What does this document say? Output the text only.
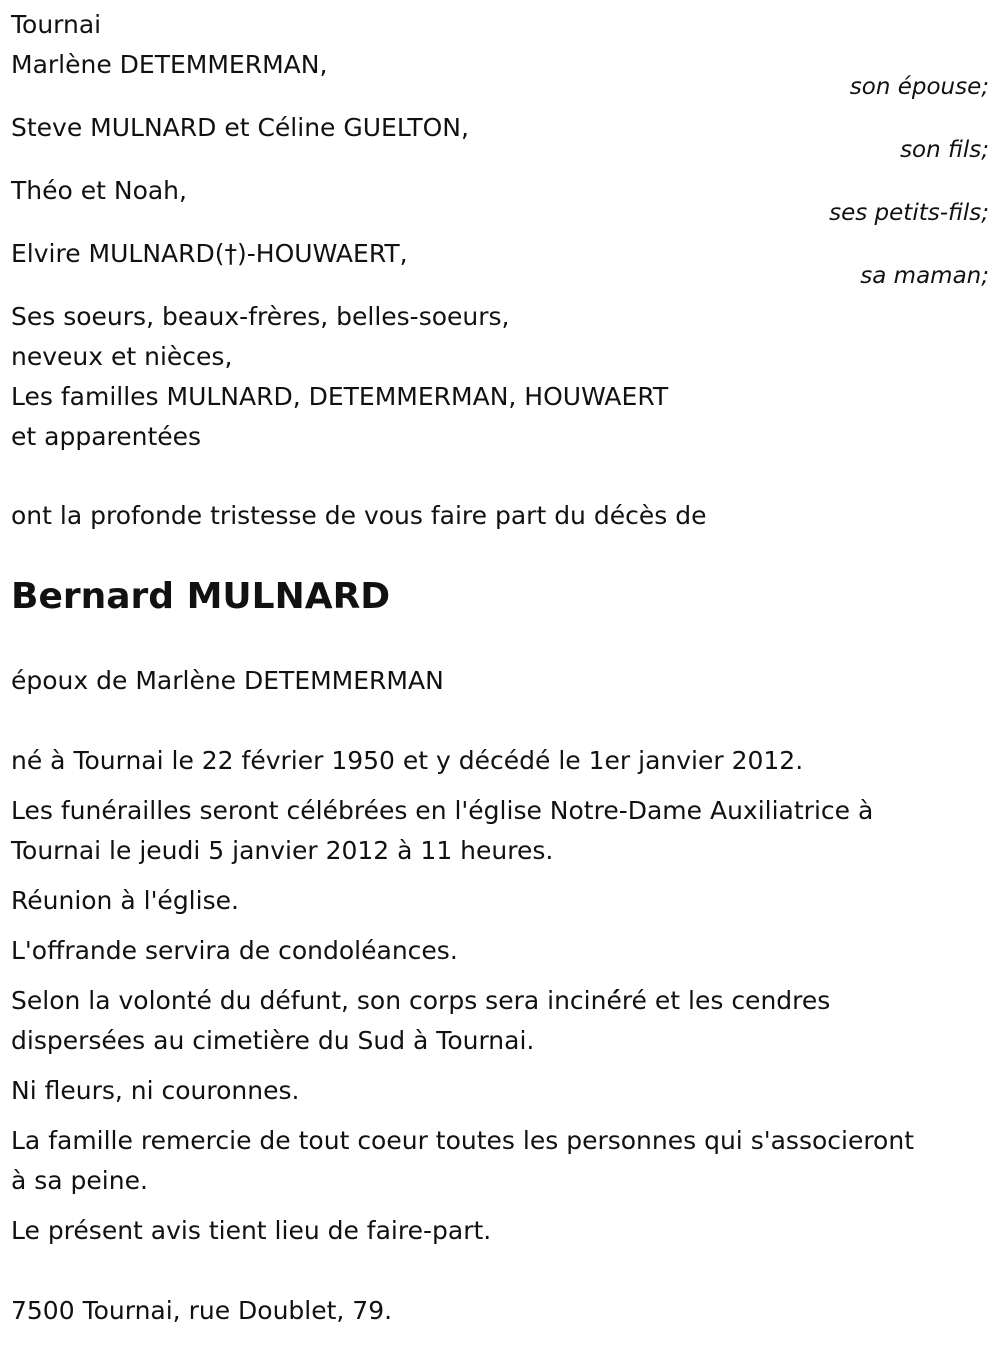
Tournai
Marlène DETEMMERMAN,
son épouse;
Steve MULNARD et Céline GUELTON,
son fils;
Théo et Noah,
ses petits-fils;
Elvire MULNARD(†)-HOUWAERT,
sa maman;
Ses soeurs, beaux-frères, belles-soeurs,
neveux et nièces,
Les familles MULNARD, DETEMMERMAN, HOUWAERT
et apparentées
ont la profonde tristesse de vous faire part du décès de
Bernard MULNARD
époux de Marlène DETEMMERMAN
né à Tournai le 22 février 1950 et y décédé le 1er janvier 2012.
Les funérailles seront célébrées en l'église Notre-Dame Auxiliatrice à
Tournai le jeudi 5 janvier 2012 à 11 heures.
Réunion à l'église.
L'offrande servira de condoléances.
Selon la volonté du défunt, son corps sera inciné́ré et les cendres
dispersées au cimetière du Sud à Tournai.
Ni fleurs, ni couronnes.
La famille remercie de tout coeur toutes les personnes qui s'associeront
à sa peine.
Le présent avis tient lieu de faire-part.
7500 Tournai, rue Doublet, 79.
